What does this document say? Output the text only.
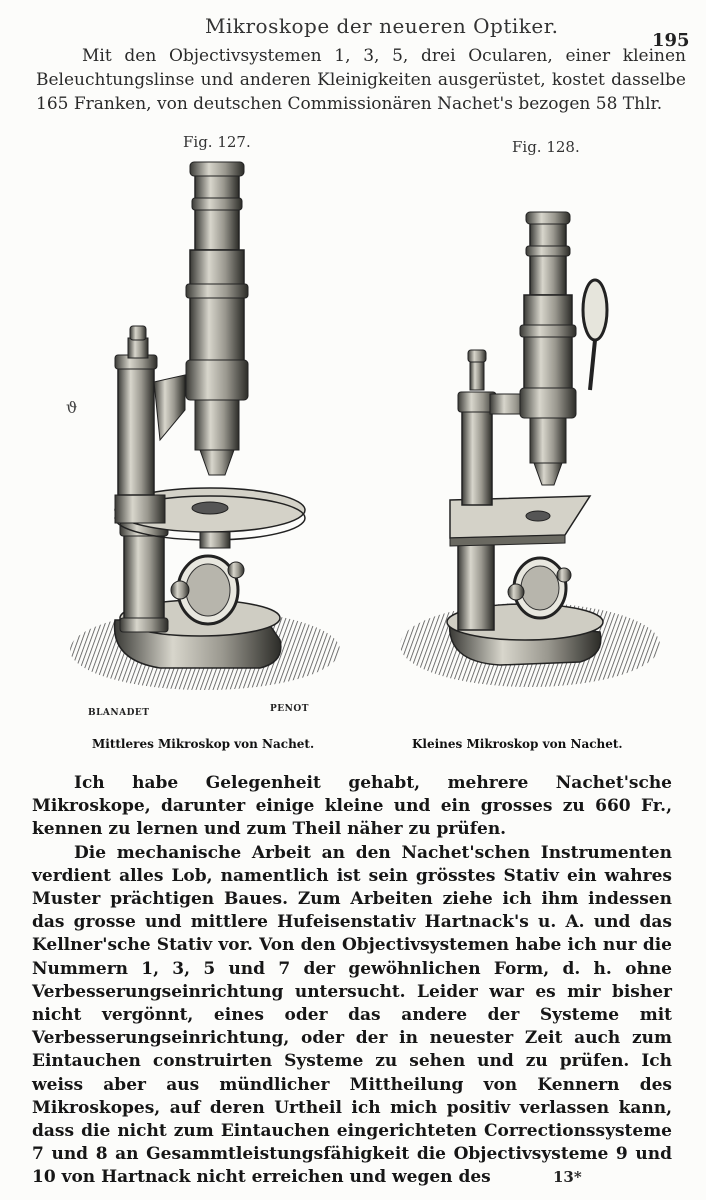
Mikroskope der neueren Optiker.
195

Mit den Objectivsystemen 1, 3, 5, drei Ocularen, einer kleinen Beleuchtungslinse und anderen Kleinigkeiten ausgerüstet, kostet dasselbe 165 Franken, von deutschen Commissionären Nachet's bezogen 58 Thlr.

Fig. 127.	Fig. 128.
ϑ
BLANADET	PENOT
Mittleres Mikroskop von Nachet.	Kleines Mikroskop von Nachet.

Ich habe Gelegenheit gehabt, mehrere Nachet'sche Mikroskope, darunter einige kleine und ein grosses zu 660 Fr., kennen zu lernen und zum Theil näher zu prüfen.

Die mechanische Arbeit an den Nachet'schen Instrumenten verdient alles Lob, namentlich ist sein grösstes Stativ ein wahres Muster prächtigen Baues. Zum Arbeiten ziehe ich ihm indessen das grosse und mittlere Hufeisenstativ Hartnack's u. A. und das Kellner'sche Stativ vor. Von den Objectivsystemen habe ich nur die Nummern 1, 3, 5 und 7 der gewöhnlichen Form, d. h. ohne Verbesserungseinrichtung untersucht. Leider war es mir bisher nicht vergönnt, eines oder das andere der Systeme mit Verbesserungseinrichtung, oder der in neuester Zeit auch zum Eintauchen construirten Systeme zu sehen und zu prüfen. Ich weiss aber aus mündlicher Mittheilung von Kennern des Mikroskopes, auf deren Urtheil ich mich positiv verlassen kann, dass die nicht zum Eintauchen eingerichteten Correctionssysteme 7 und 8 an Gesammtleistungsfähigkeit die Objectivsysteme 9 und 10 von Hartnack nicht erreichen und wegen des	13*
